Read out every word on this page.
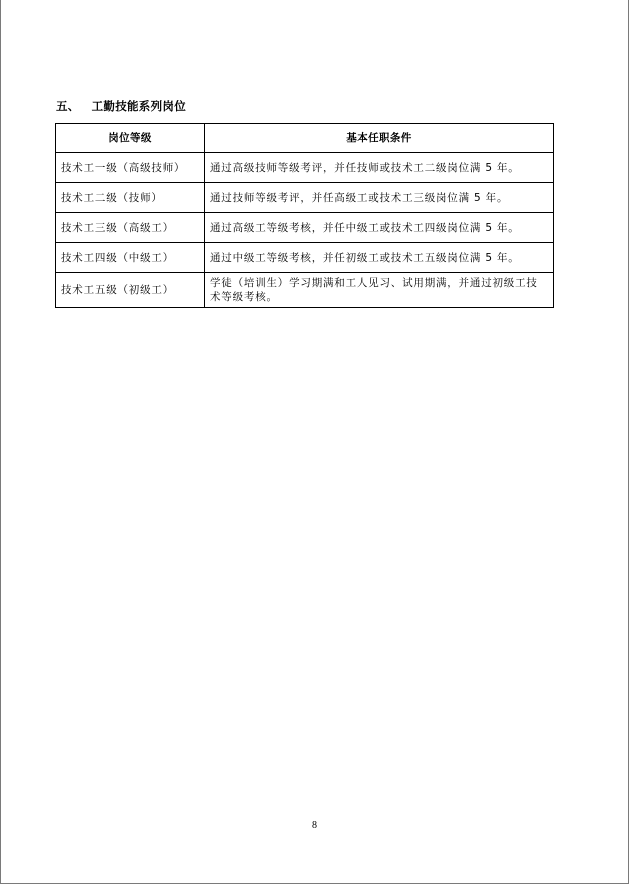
五、 工勤技能系列岗位
岗位等级	基本任职条件
技术工一级（高级技师）	通过高级技师等级考评，并任技师或技术工二级岗位满 5 年。
技术工二级（技师）	通过技师等级考评，并任高级工或技术工三级岗位满 5 年。
技术工三级（高级工）	通过高级工等级考核，并任中级工或技术工四级岗位满 5 年。
技术工四级（中级工）	通过中级工等级考核，并任初级工或技术工五级岗位满 5 年。
技术工五级（初级工）	学徒（培训生）学习期满和工人见习、试用期满，并通过初级工技术等级考核。
8
